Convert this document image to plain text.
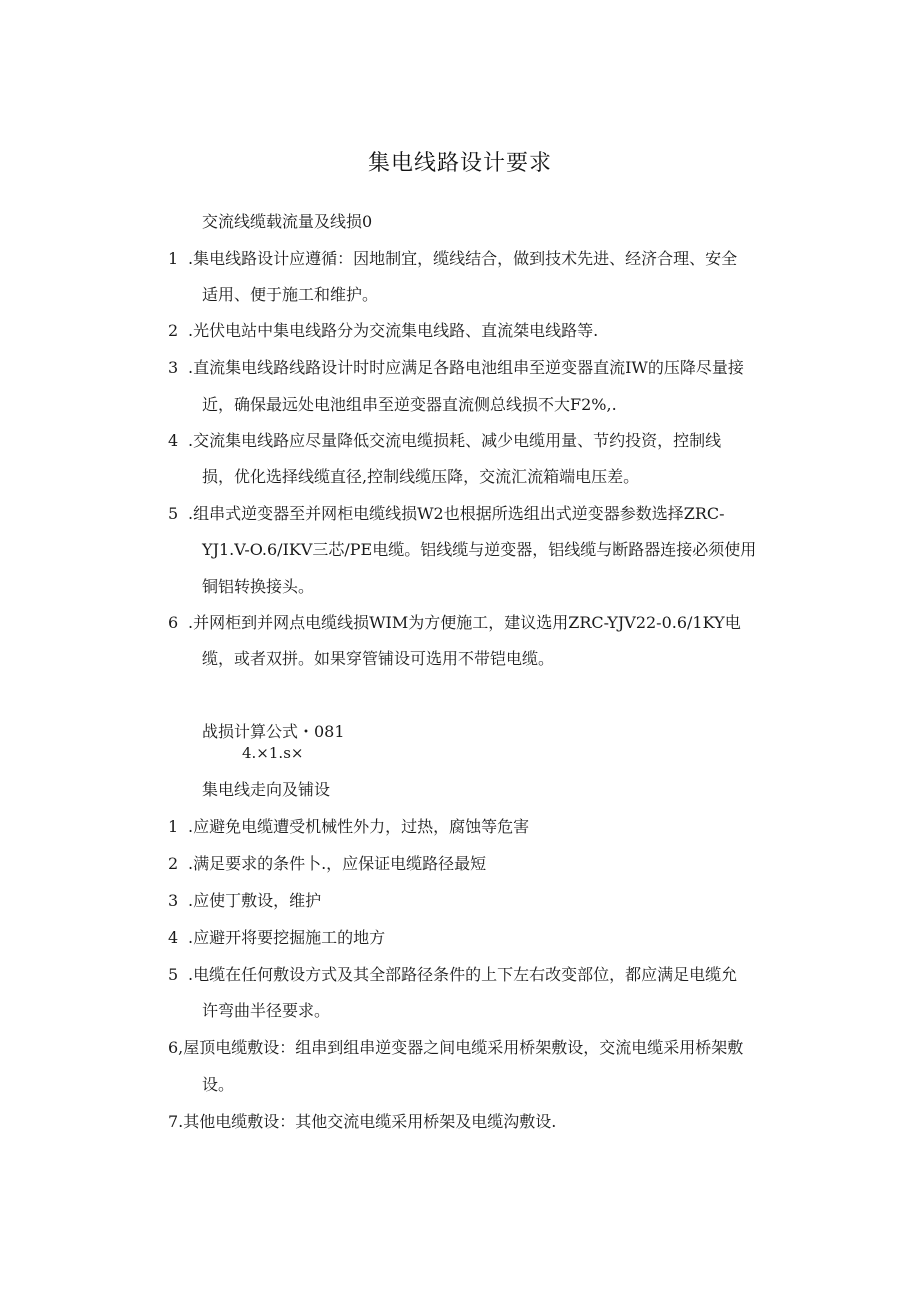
集电线路设计要求
交流线缆载流量及线损0
1 .集电线路设计应遵循：因地制宜，缆线结合，做到技术先进、经济合理、安全
适用、便于施工和维护。
2 .光伏电站中集电线路分为交流集电线路、直流桀电线路等.
3 .直流集电线路线路设计时时应满足各路电池组串至逆变器直流IW的压降尽量接
近，确保最远处电池组串至逆变器直流侧总线损不大F2%,.
4 .交流集电线路应尽量降低交流电缆损耗、减少电缆用量、节约投资，控制线
损，优化选择线缆直径,控制线缆压降，交流汇流箱端电压差。
5 .组串式逆变器至并网柜电缆线损W2也根据所选组出式逆变器参数选择ZRC-
YJ1.V-O.6/IKV三芯/PE电缆。铝线缆与逆变器，铝线缆与断路器连接必须使用
铜铝转换接头。
6 .并网柜到并网点电缆线损WIM为方便施工，建议选用ZRC-YJV22-0.6/1KY电
缆，或者双拼。如果穿管铺设可选用不带铠电缆。
战损计算公式・081
4.×1.s×
集电线走向及铺设
1 .应避免电缆遭受机械性外力，过热，腐蚀等危害
2 .满足要求的条件卜.，应保证电缆路径最短
3 .应使丁敷设，维护
4 .应避开将要挖掘施工的地方
5 .电缆在任何敷设方式及其全部路径条件的上下左右改变部位，都应满足电缆允
许弯曲半径要求。
6,屋顶电缆敷设：组串到组串逆变器之间电缆采用桥架敷设，交流电缆采用桥架敷
设。
7.其他电缆敷设：其他交流电缆采用桥架及电缆沟敷设.
